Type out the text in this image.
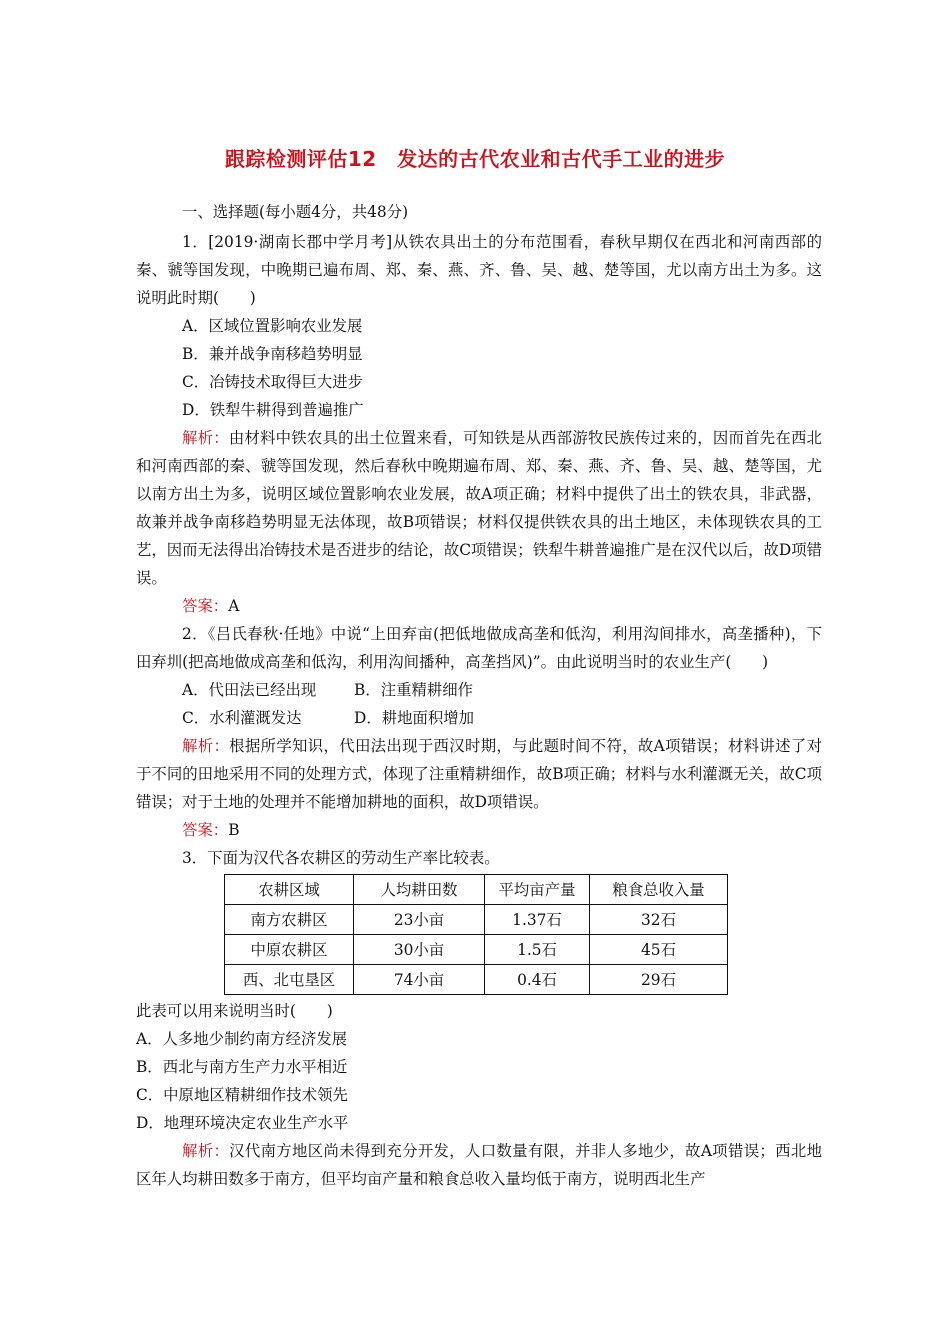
跟踪检测评估12　发达的古代农业和古代手工业的进步

一、选择题(每小题4分，共48分)

1．[2019·湖南长郡中学月考]从铁农具出土的分布范围看，春秋早期仅在西北和河南西部的秦、虢等国发现，中晚期已遍布周、郑、秦、燕、齐、鲁、吴、越、楚等国，尤以南方出土为多。这说明此时期(　　)

A．区域位置影响农业发展

B．兼并战争南移趋势明显

C．冶铸技术取得巨大进步

D．铁犁牛耕得到普遍推广

解析：由材料中铁农具的出土位置来看，可知铁是从西部游牧民族传过来的，因而首先在西北和河南西部的秦、虢等国发现，然后春秋中晚期遍布周、郑、秦、燕、齐、鲁、吴、越、楚等国，尤以南方出土为多，说明区域位置影响农业发展，故A项正确；材料中提供了出土的铁农具，非武器，故兼并战争南移趋势明显无法体现，故B项错误；材料仅提供铁农具的出土地区，未体现铁农具的工艺，因而无法得出冶铸技术是否进步的结论，故C项错误；铁犁牛耕普遍推广是在汉代以后，故D项错误。

答案：A

2．《吕氏春秋·任地》中说“上田弃亩(把低地做成高垄和低沟，利用沟间排水，高垄播种)，下田弃圳(把高地做成高垄和低沟，利用沟间播种，高垄挡风)”。由此说明当时的农业生产(　　)

A．代田法已经出现 B．注重精耕细作

C．水利灌溉发达	D．耕地面积增加

解析：根据所学知识，代田法出现于西汉时期，与此题时间不符，故A项错误；材料讲述了对于不同的田地采用不同的处理方式，体现了注重精耕细作，故B项正确；材料与水利灌溉无关，故C项错误；对于土地的处理并不能增加耕地的面积，故D项错误。

答案：B

3．下面为汉代各农耕区的劳动生产率比较表。

农耕区域	人均耕田数	平均亩产量	粮食总收入量
南方农耕区	23小亩	1.37石	32石
中原农耕区	30小亩	1.5石	45石
西、北屯垦区	74小亩	0.4石	29石

此表可以用来说明当时(　　)

A．人多地少制约南方经济发展

B．西北与南方生产力水平相近

C．中原地区精耕细作技术领先

D．地理环境决定农业生产水平

解析：汉代南方地区尚未得到充分开发，人口数量有限，并非人多地少，故A项错误；西北地区年人均耕田数多于南方，但平均亩产量和粮食总收入量均低于南方，说明西北生产
